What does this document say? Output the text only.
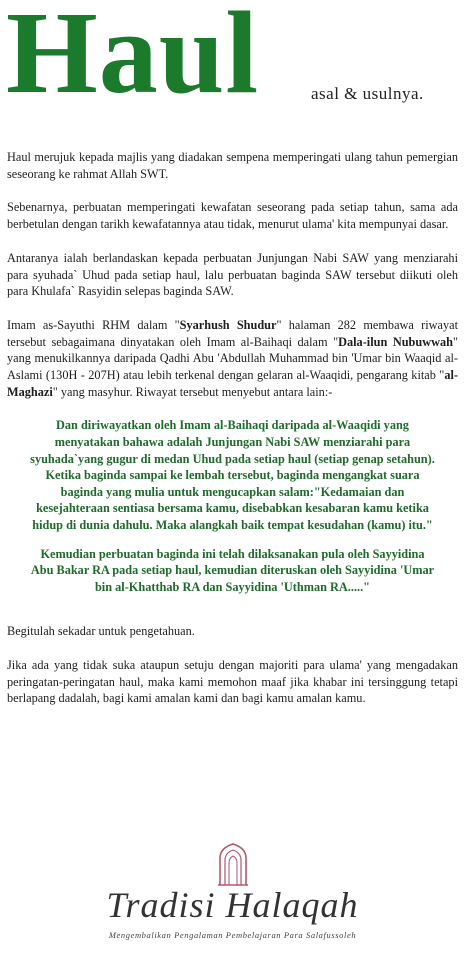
Haul	asal & usulnya.

Haul merujuk kepada majlis yang diadakan sempena memperingati ulang tahun pemergian seseorang ke rahmat Allah SWT.

Sebenarnya, perbuatan memperingati kewafatan seseorang pada setiap tahun, sama ada berbetulan dengan tarikh kewafatannya atau tidak, menurut ulama' kita mempunyai dasar.

Antaranya ialah berlandaskan kepada perbuatan Junjungan Nabi SAW yang menziarahi para syuhada` Uhud pada setiap haul, lalu perbuatan baginda SAW tersebut diikuti oleh para Khulafa` Rasyidin selepas baginda SAW.

Imam as-Sayuthi RHM dalam "Syarhush Shudur" halaman 282 membawa riwayat tersebut sebagaimana dinyatakan oleh Imam al-Baihaqi dalam "Dala-ilun Nubuwwah" yang menukilkannya daripada Qadhi Abu 'Abdullah Muhammad bin 'Umar bin Waaqid al-Aslami (130H - 207H) atau lebih terkenal dengan gelaran al-Waaqidi, pengarang kitab "al-Maghazi" yang masyhur. Riwayat tersebut menyebut antara lain:-

Dan diriwayatkan oleh Imam al-Baihaqi daripada al-Waaqidi yang menyatakan bahawa adalah Junjungan Nabi SAW menziarahi para syuhada`yang gugur di medan Uhud pada setiap haul (setiap genap setahun). Ketika baginda sampai ke lembah tersebut, baginda mengangkat suara baginda yang mulia untuk mengucapkan salam:"Kedamaian dan kesejahteraan sentiasa bersama kamu, disebabkan kesabaran kamu ketika hidup di dunia dahulu. Maka alangkah baik tempat kesudahan (kamu) itu."
Kemudian perbuatan baginda ini telah dilaksanakan pula oleh Sayyidina Abu Bakar RA pada setiap haul, kemudian diteruskan oleh Sayyidina 'Umar bin al-Khatthab RA dan Sayyidina 'Uthman RA....."

Begitulah sekadar untuk pengetahuan.

Jika ada yang tidak suka ataupun setuju dengan majoriti para ulama' yang mengadakan peringatan-peringatan haul, maka kami memohon maaf jika khabar ini tersinggung tetapi berlapang dadalah, bagi kami amalan kami dan bagi kamu amalan kamu.

Tradisi Halaqah
Mengembalikan Pengalaman Pembelajaran Para Salafussoleh
